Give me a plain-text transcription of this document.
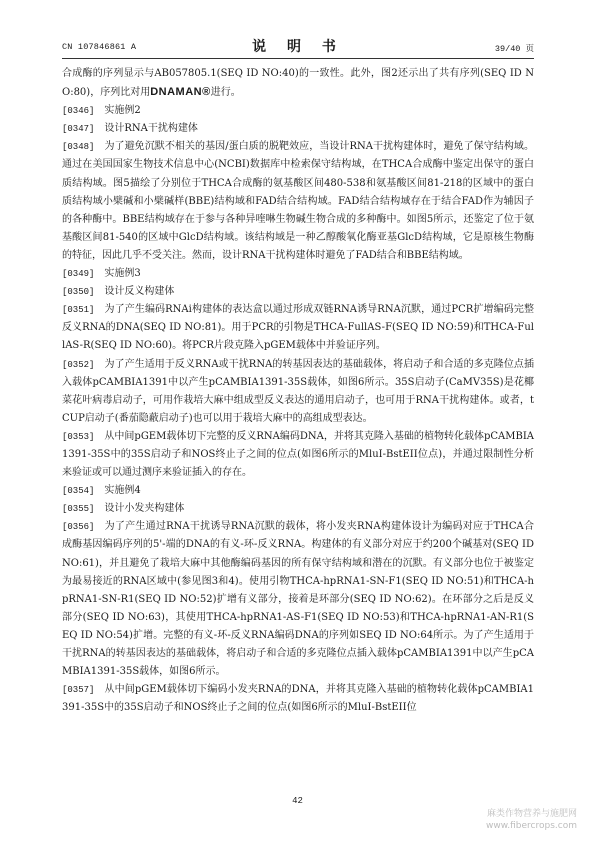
CN 107846861 A	说 明 书	39/40 页

合成酶的序列显示与AB057805.1(SEQ ID NO:40)的一致性。此外，图2还示出了共有序列(SEQ ID NO:80)，序列比对用DNAMAN®进行。

[0346] 实施例2

[0347] 设计RNA干扰构建体

[0348] 为了避免沉默不相关的基因/蛋白质的脱靶效应，当设计RNA干扰构建体时，避免了保守结构域。通过在美国国家生物技术信息中心(NCBI)数据库中检索保守结构域，在THCA合成酶中鉴定出保守的蛋白质结构域。图5描绘了分别位于THCA合成酶的氨基酸区间480-538和氨基酸区间81-218的区域中的蛋白质结构域小檗碱和小檗碱样(BBE)结构域和FAD结合结构域。FAD结合结构域存在于结合FAD作为辅因子的各种酶中。BBE结构域存在于参与各种异喹啉生物碱生物合成的多种酶中。如图5所示，还鉴定了位于氨基酸区间81-540的区域中GlcD结构域。该结构域是一种乙醇酸氧化酶亚基GlcD结构域，它是原核生物酶的特征，因此几乎不受关注。然而，设计RNA干扰构建体时避免了FAD结合和BBE结构域。

[0349] 实施例3

[0350] 设计反义构建体

[0351] 为了产生编码RNAi构建体的表达盒以通过形成双链RNA诱导RNA沉默，通过PCR扩增编码完整反义RNA的DNA(SEQ ID NO:81)。用于PCR的引物是THCA-FullAS-F(SEQ ID NO:59)和THCA-FullAS-R(SEQ ID NO:60)。将PCR片段克隆入pGEM载体中并验证序列。

[0352] 为了产生适用于反义RNA或干扰RNA的转基因表达的基础载体，将启动子和合适的多克隆位点插入载体pCAMBIA1391中以产生pCAMBIA1391-35S载体，如图6所示。35S启动子(CaMV35S)是花椰菜花叶病毒启动子，可用作栽培大麻中组成型反义表达的通用启动子，也可用于RNA干扰构建体。或者，tCUP启动子(番茄隐蔽启动子)也可以用于栽培大麻中的高组成型表达。

[0353] 从中间pGEM载体切下完整的反义RNA编码DNA，并将其克隆入基础的植物转化载体pCAMBIA1391-35S中的35S启动子和NOS终止子之间的位点(如图6所示的MluI-BstEII位点)，并通过限制性分析来验证或可以通过测序来验证插入的存在。

[0354] 实施例4

[0355] 设计小发夹构建体

[0356] 为了产生通过RNA干扰诱导RNA沉默的载体，将小发夹RNA构建体设计为编码对应于THCA合成酶基因编码序列的5'-端的DNA的有义-环-反义RNA。构建体的有义部分对应于约200个碱基对(SEQ ID NO:61)，并且避免了栽培大麻中其他酶编码基因的所有保守结构域和潜在的沉默。有义部分也位于被鉴定为最易接近的RNA区域中(参见图3和4)。使用引物THCA-hpRNA1-SN-F1(SEQ ID NO:51)和THCA-hpRNA1-SN-R1(SEQ ID NO:52)扩增有义部分，接着是环部分(SEQ ID NO:62)。在环部分之后是反义部分(SEQ ID NO:63)，其使用THCA-hpRNA1-AS-F1(SEQ ID NO:53)和THCA-hpRNA1-AN-R1(SEQ ID NO:54)扩增。完整的有义-环-反义RNA编码DNA的序列如SEQ ID NO:64所示。为了产生适用于干扰RNA的转基因表达的基础载体，将启动子和合适的多克隆位点插入载体pCAMBIA1391中以产生pCAMBIA1391-35S载体，如图6所示。

[0357] 从中间pGEM载体切下编码小发夹RNA的DNA，并将其克隆入基础的植物转化载体pCAMBIA1391-35S中的35S启动子和NOS终止子之间的位点(如图6所示的MluI-BstEII位

42
麻类作物营养与施肥网
www.fibercrops.com
